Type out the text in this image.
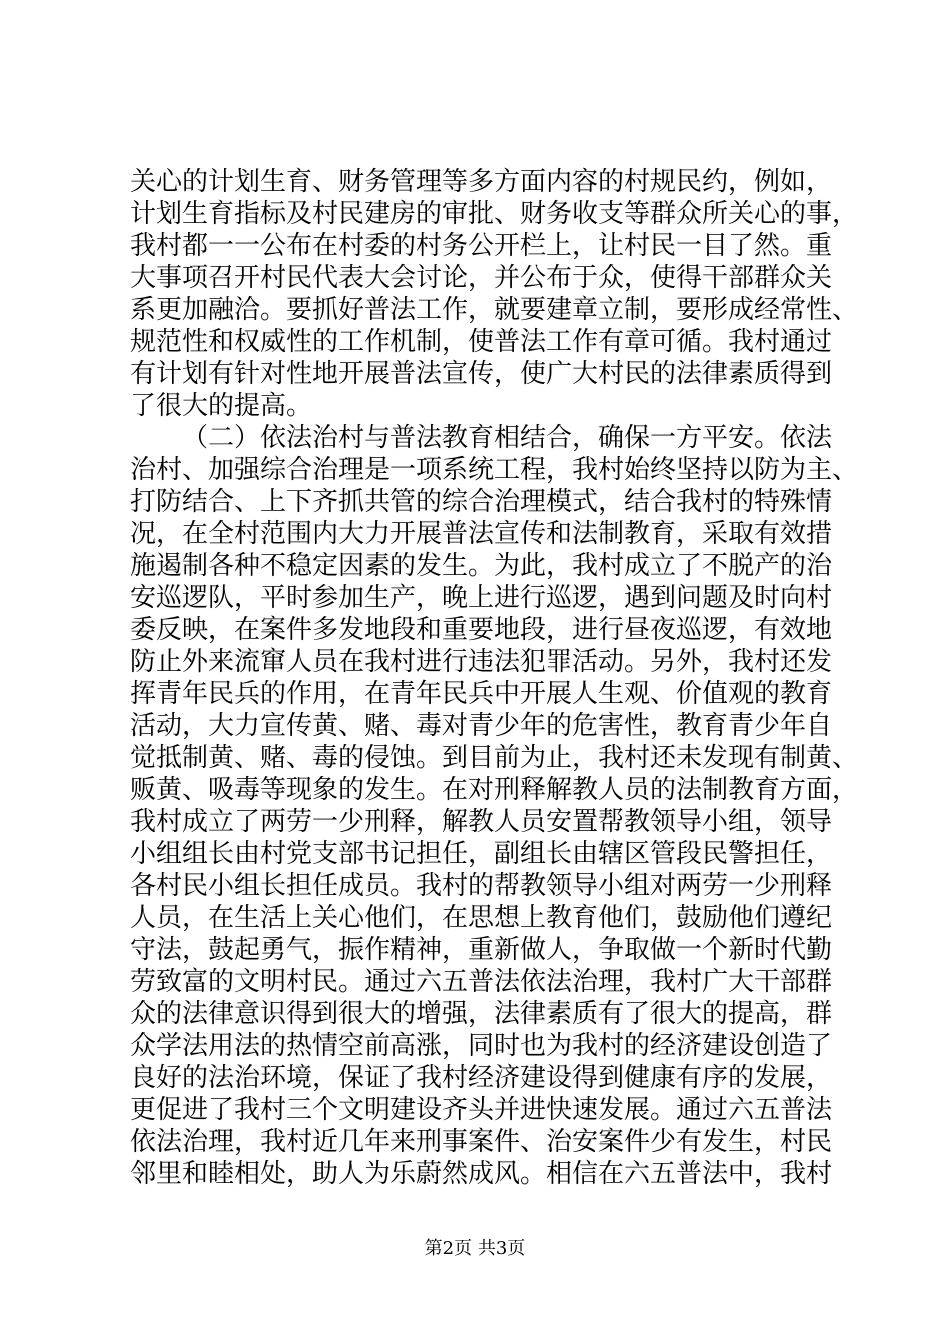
关心的计划生育、财务管理等多方面内容的村规民约，例如，
计划生育指标及村民建房的审批、财务收支等群众所关心的事，
我村都一一公布在村委的村务公开栏上，让村民一目了然。重
大事项召开村民代表大会讨论，并公布于众，使得干部群众关
系更加融洽。要抓好普法工作，就要建章立制，要形成经常性、
规范性和权威性的工作机制，使普法工作有章可循。我村通过
有计划有针对性地开展普法宣传，使广大村民的法律素质得到
了很大的提高。
（二）依法治村与普法教育相结合，确保一方平安。依法
治村、加强综合治理是一项系统工程，我村始终坚持以防为主、
打防结合、上下齐抓共管的综合治理模式，结合我村的特殊情
况，在全村范围内大力开展普法宣传和法制教育，采取有效措
施遏制各种不稳定因素的发生。为此，我村成立了不脱产的治
安巡逻队，平时参加生产，晚上进行巡逻，遇到问题及时向村
委反映，在案件多发地段和重要地段，进行昼夜巡逻，有效地
防止外来流窜人员在我村进行违法犯罪活动。另外，我村还发
挥青年民兵的作用，在青年民兵中开展人生观、价值观的教育
活动，大力宣传黄、赌、毒对青少年的危害性，教育青少年自
觉抵制黄、赌、毒的侵蚀。到目前为止，我村还未发现有制黄、
贩黄、吸毒等现象的发生。在对刑释解教人员的法制教育方面，
我村成立了两劳一少刑释，解教人员安置帮教领导小组，领导
小组组长由村党支部书记担任，副组长由辖区管段民警担任，
各村民小组长担任成员。我村的帮教领导小组对两劳一少刑释
人员，在生活上关心他们，在思想上教育他们，鼓励他们遵纪
守法，鼓起勇气，振作精神，重新做人，争取做一个新时代勤
劳致富的文明村民。通过六五普法依法治理，我村广大干部群
众的法律意识得到很大的增强，法律素质有了很大的提高，群
众学法用法的热情空前高涨，同时也为我村的经济建设创造了
良好的法治环境，保证了我村经济建设得到健康有序的发展，
更促进了我村三个文明建设齐头并进快速发展。通过六五普法
依法治理，我村近几年来刑事案件、治安案件少有发生，村民
邻里和睦相处，助人为乐蔚然成风。相信在六五普法中，我村
第2页 共3页
